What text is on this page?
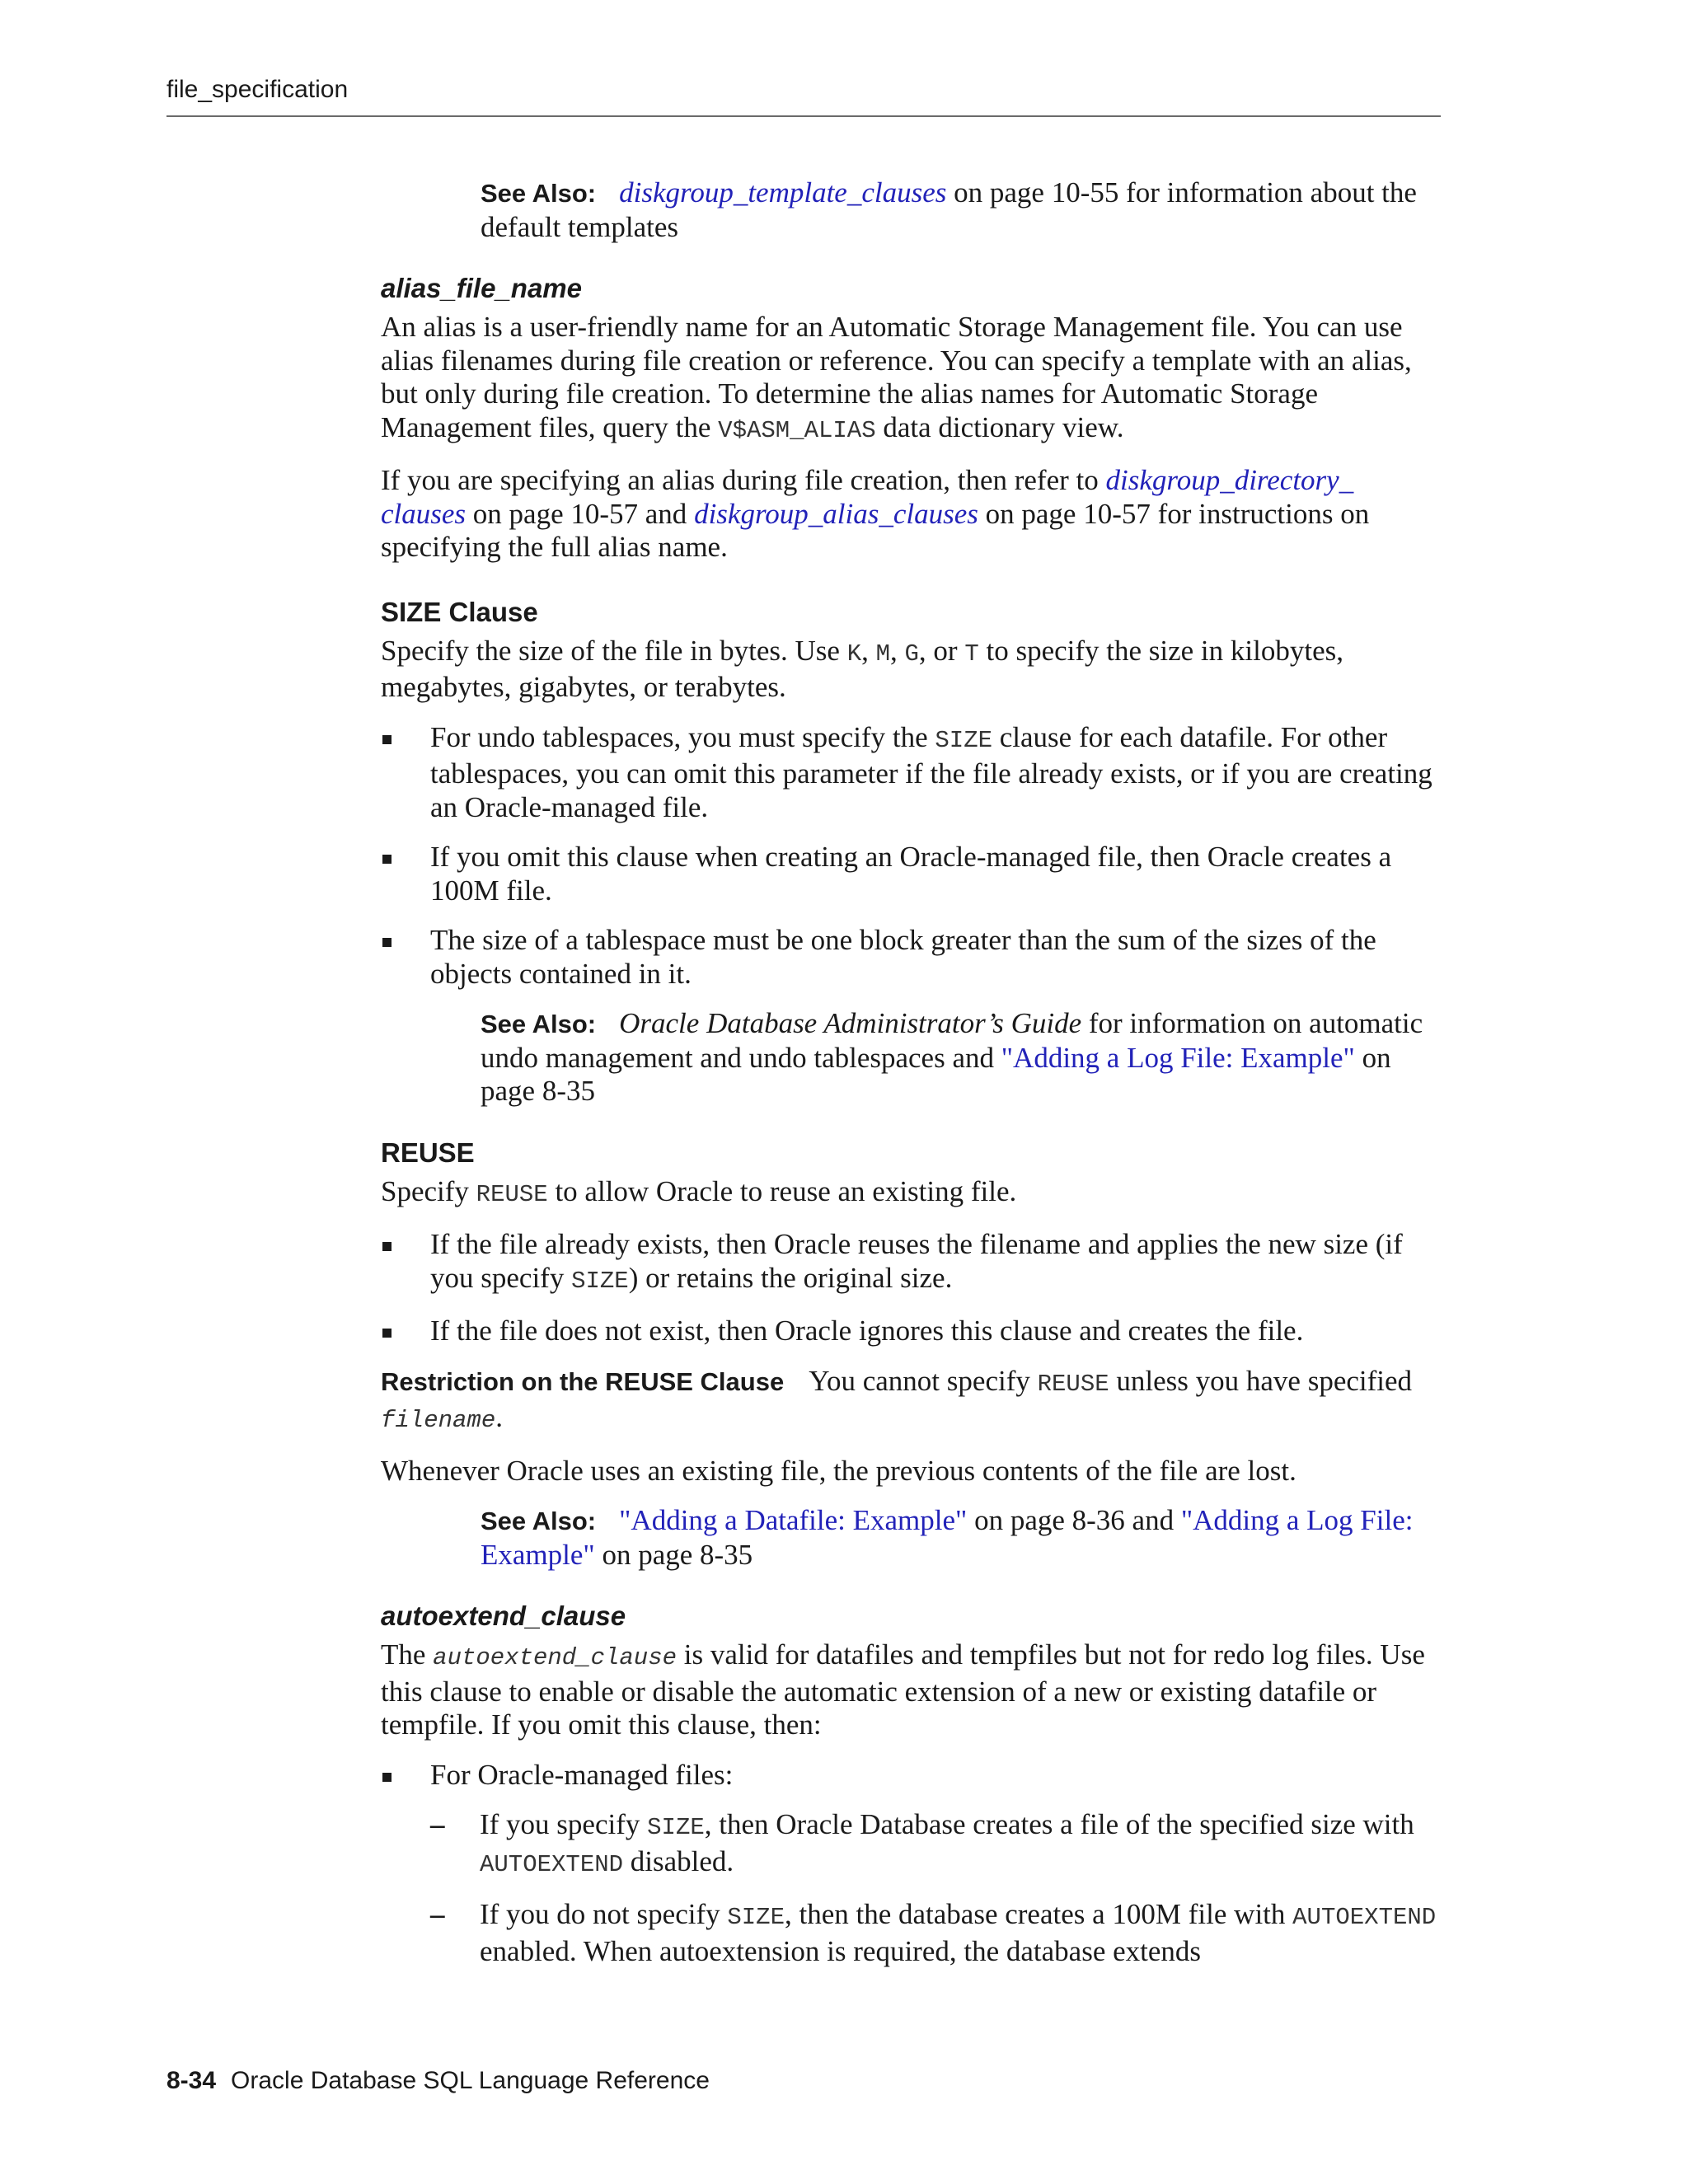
file_specification

See Also: diskgroup_template_clauses on page 10-55 for information about the default templates

alias_file_name

An alias is a user-friendly name for an Automatic Storage Management file. You can use alias filenames during file creation or reference. You can specify a template with an alias, but only during file creation. To determine the alias names for Automatic Storage Management files, query the V$ASM_ALIAS data dictionary view.

If you are specifying an alias during file creation, then refer to diskgroup_directory_ clauses on page 10-57 and diskgroup_alias_clauses on page 10-57 for instructions on specifying the full alias name.

SIZE Clause

Specify the size of the file in bytes. Use K, M, G, or T to specify the size in kilobytes, megabytes, gigabytes, or terabytes.

For undo tablespaces, you must specify the SIZE clause for each datafile. For other tablespaces, you can omit this parameter if the file already exists, or if you are creating an Oracle-managed file.
If you omit this clause when creating an Oracle-managed file, then Oracle creates a 100M file.
The size of a tablespace must be one block greater than the sum of the sizes of the objects contained in it.

See Also: Oracle Database Administrator’s Guide for information on automatic undo management and undo tablespaces and "Adding a Log File: Example" on page 8-35

REUSE

Specify REUSE to allow Oracle to reuse an existing file.

If the file already exists, then Oracle reuses the filename and applies the new size (if you specify SIZE) or retains the original size.
If the file does not exist, then Oracle ignores this clause and creates the file.

Restriction on the REUSE Clause You cannot specify REUSE unless you have specified filename.

Whenever Oracle uses an existing file, the previous contents of the file are lost.

See Also: "Adding a Datafile: Example" on page 8-36 and "Adding a Log File: Example" on page 8-35

autoextend_clause

The autoextend_clause is valid for datafiles and tempfiles but not for redo log files. Use this clause to enable or disable the automatic extension of a new or existing datafile or tempfile. If you omit this clause, then:

For Oracle-managed files:
– If you specify SIZE, then Oracle Database creates a file of the specified size with AUTOEXTEND disabled.
– If you do not specify SIZE, then the database creates a 100M file with AUTOEXTEND enabled. When autoextension is required, the database extends
8-34 Oracle Database SQL Language Reference
